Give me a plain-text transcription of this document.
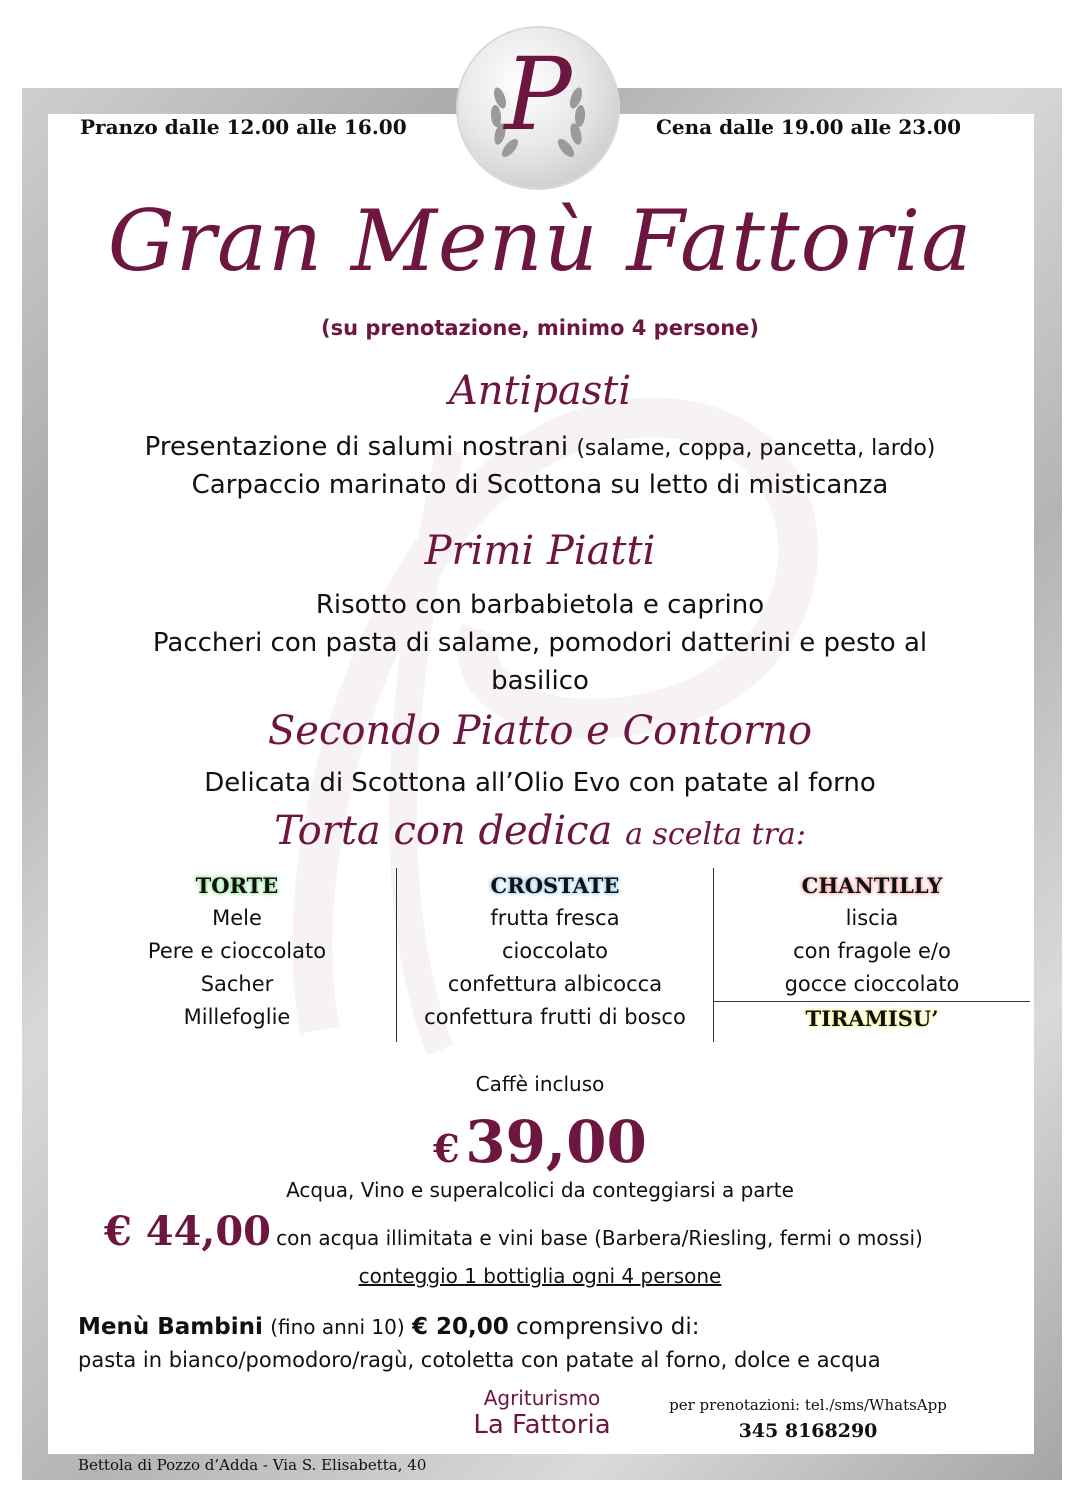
P
Pranzo dalle 12.00 alle 16.00	Cena dalle 19.00 alle 23.00
Gran Menù Fattoria
(su prenotazione, minimo 4 persone)
Antipasti
Presentazione di salumi nostrani (salame, coppa, pancetta, lardo)
Carpaccio marinato di Scottona su letto di misticanza
Primi Piatti
Risotto con barbabietola e caprino
Paccheri con pasta di salame, pomodori datterini e pesto al
basilico
Secondo Piatto e Contorno
Delicata di Scottona all’Olio Evo con patate al forno
Torta con dedica a scelta tra:
TORTE
Mele
Pere e cioccolato
Sacher
Millefoglie
CROSTATE
frutta fresca
cioccolato
confettura albicocca
confettura frutti di bosco
CHANTILLY
liscia
con fragole e/o
gocce cioccolato
TIRAMISU’
Caffè incluso
€ 39,00
Acqua, Vino e superalcolici da conteggiarsi a parte
€ 44,00 con acqua illimitata e vini base (Barbera/Riesling, fermi o mossi)
conteggio 1 bottiglia ogni 4 persone
Menù Bambini (fino anni 10) € 20,00 comprensivo di:
pasta in bianco/pomodoro/ragù, cotoletta con patate al forno, dolce e acqua
Bettola di Pozzo d’Adda - Via S. Elisabetta, 40
Agriturismo
La Fattoria
per prenotazioni: tel./sms/WhatsApp
345 8168290
